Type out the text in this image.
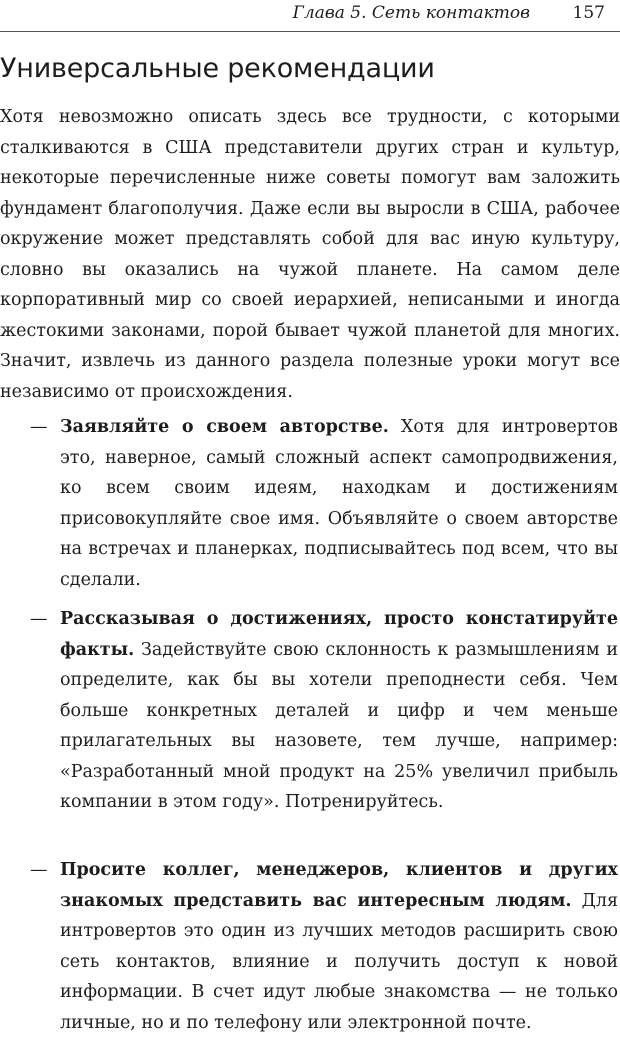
Глава 5. Сеть контактов	157
Универсальные рекомендации

Хотя невозможно описать здесь все трудности, с которыми сталкиваются в США представители других стран и культур, некоторые перечисленные ниже советы помогут вам заложить фундамент благополучия. Даже если вы выросли в США, рабочее окружение может представлять собой для вас иную культуру, словно вы оказались на чужой планете. На самом деле корпоративный мир со своей иерархией, неписаными и иногда жестокими законами, порой бывает чужой планетой для многих. Значит, извлечь из данного раздела полезные уроки могут все независимо от происхождения.

— Заявляйте о своем авторстве. Хотя для интровертов это, наверное, самый сложный аспект самопродвижения, ко всем своим идеям, находкам и достижениям присовокупляйте свое имя. Объявляйте о своем авторстве на встречах и планерках, подписывайтесь под всем, что вы сделали.

— Рассказывая о достижениях, просто констатируйте факты. Задействуйте свою склонность к размышлениям и определите, как бы вы хотели преподнести себя. Чем больше конкретных деталей и цифр и чем меньше прилагательных вы назовете, тем лучше, например: «Разработанный мной продукт на 25% увеличил прибыль компании в этом году». Потренируйтесь.

— Просите коллег, менеджеров, клиентов и других знакомых представить вас интересным людям. Для интровертов это один из лучших методов расширить свою сеть контактов, влияние и получить доступ к новой информации. В счет идут любые знакомства — не только личные, но и по телефону или электронной почте.
